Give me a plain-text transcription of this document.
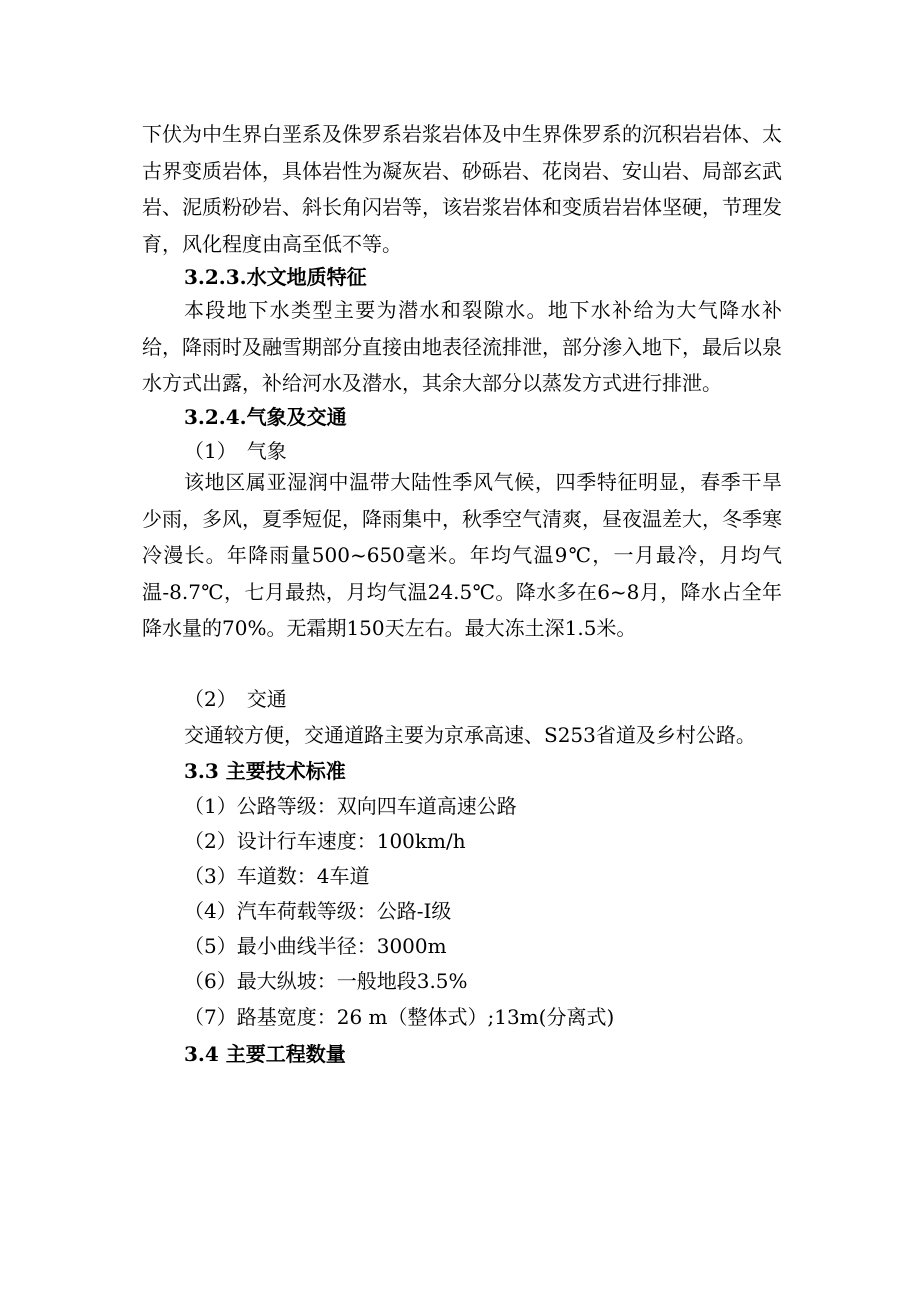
下伏为中生界白垩系及侏罗系岩浆岩体及中生界侏罗系的沉积岩岩体、太古界变质岩体，具体岩性为凝灰岩、砂砾岩、花岗岩、安山岩、局部玄武岩、泥质粉砂岩、斜长角闪岩等，该岩浆岩体和变质岩岩体坚硬，节理发育，风化程度由高至低不等。

3.2.3.水文地质特征

本段地下水类型主要为潜水和裂隙水。地下水补给为大气降水补给，降雨时及融雪期部分直接由地表径流排泄，部分渗入地下，最后以泉水方式出露，补给河水及潜水，其余大部分以蒸发方式进行排泄。

3.2.4.气象及交通
（1）　气象

该地区属亚湿润中温带大陆性季风气候，四季特征明显，春季干旱少雨，多风，夏季短促，降雨集中，秋季空气清爽，昼夜温差大，冬季寒冷漫长。年降雨量500~650毫米。年均气温9℃，一月最冷，月均气温-8.7℃，七月最热，月均气温24.5℃。降水多在6~8月，降水占全年降水量的70%。无霜期150天左右。最大冻土深1.5米。

（2）　交通
交通较方便，交通道路主要为京承高速、S253省道及乡村公路。
3.3 主要技术标准
（1）公路等级：双向四车道高速公路
（2）设计行车速度：100km/h
（3）车道数：4车道
（4）汽车荷载等级：公路-Ⅰ级
（5）最小曲线半径：3000m
（6）最大纵坡：一般地段3.5%
（7）路基宽度：26 m（整体式）;13m(分离式)
3.4 主要工程数量
